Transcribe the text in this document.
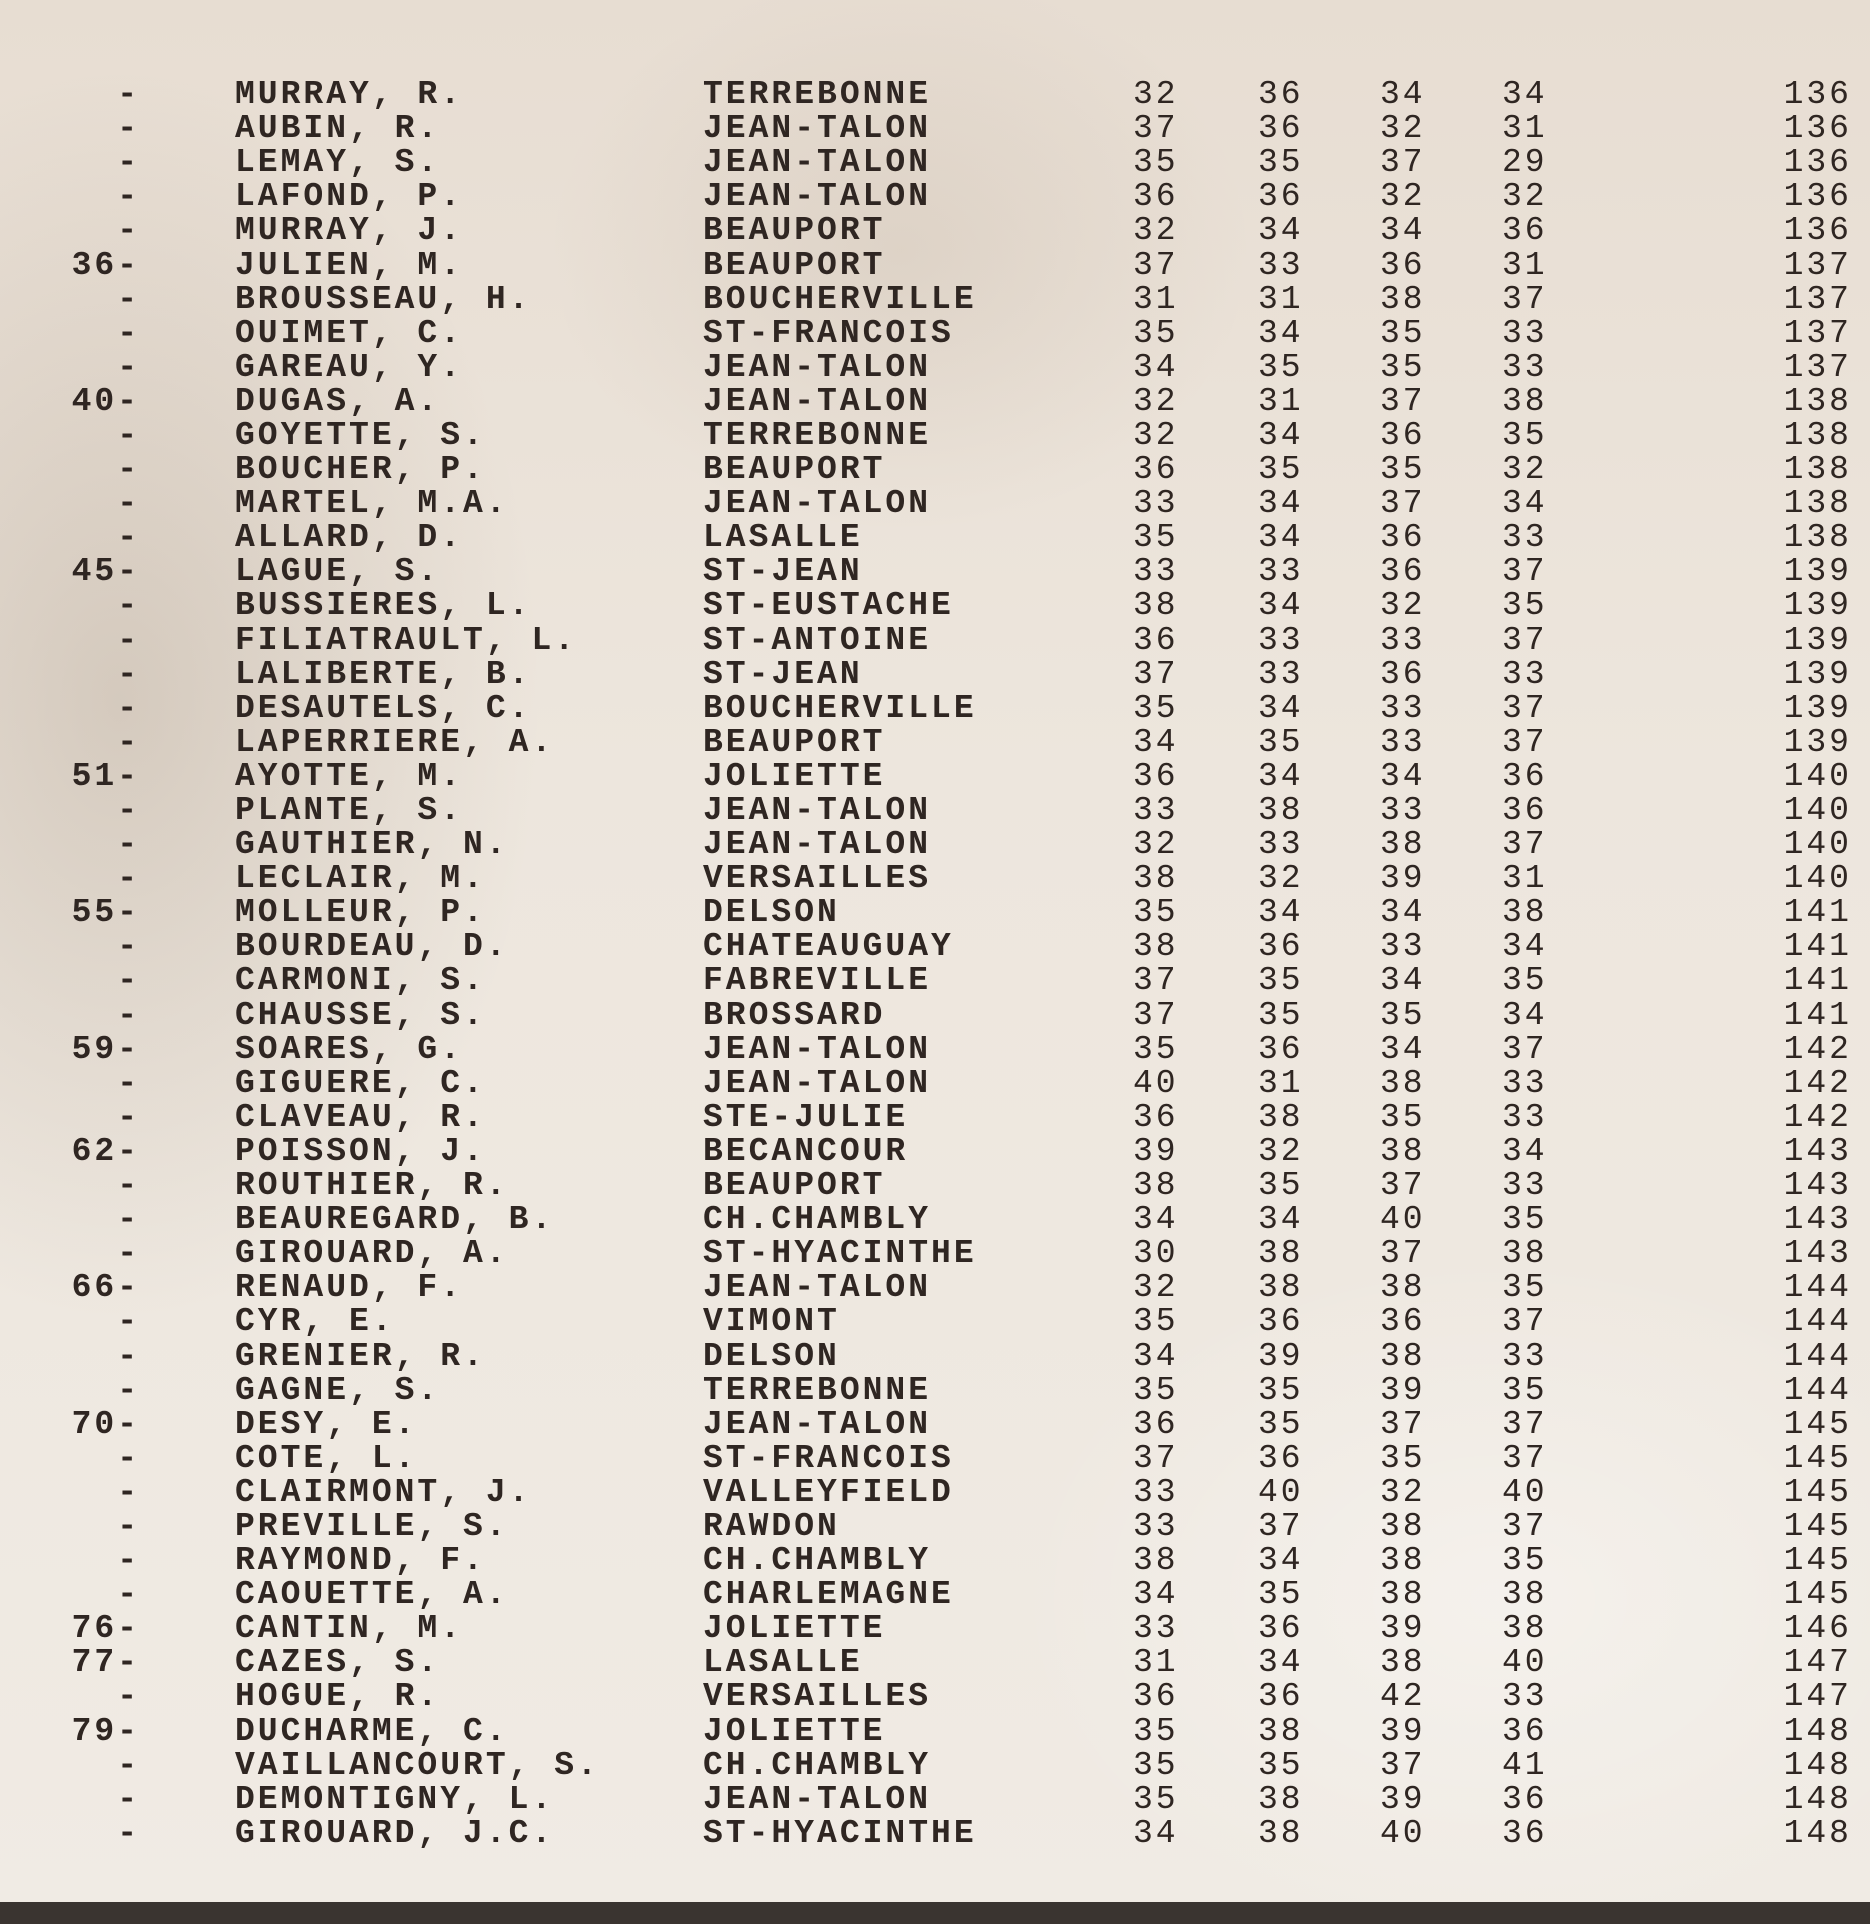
-		MURRAY, R.	TERREBONNE	32	36	34	34	136	
-		AUBIN, R.	JEAN-TALON	37	36	32	31	136	
-		LEMAY, S.	JEAN-TALON	35	35	37	29	136	
-		LAFOND, P.	JEAN-TALON	36	36	32	32	136	
-		MURRAY, J.	BEAUPORT	32	34	34	36	136	
36-		JULIEN, M.	BEAUPORT	37	33	36	31	137	
-		BROUSSEAU, H.	BOUCHERVILLE	31	31	38	37	137	
-		OUIMET, C.	ST-FRANCOIS	35	34	35	33	137	
-		GAREAU, Y.	JEAN-TALON	34	35	35	33	137	
40-		DUGAS, A.	JEAN-TALON	32	31	37	38	138	
-		GOYETTE, S.	TERREBONNE	32	34	36	35	138	
-		BOUCHER, P.	BEAUPORT	36	35	35	32	138	
-		MARTEL, M.A.	JEAN-TALON	33	34	37	34	138	
-		ALLARD, D.	LASALLE	35	34	36	33	138	
45-		LAGUE, S.	ST-JEAN	33	33	36	37	139	
-		BUSSIERES, L.	ST-EUSTACHE	38	34	32	35	139	
-		FILIATRAULT, L.	ST-ANTOINE	36	33	33	37	139	
-		LALIBERTE, B.	ST-JEAN	37	33	36	33	139	
-		DESAUTELS, C.	BOUCHERVILLE	35	34	33	37	139	
-		LAPERRIERE, A.	BEAUPORT	34	35	33	37	139	
51-		AYOTTE, M.	JOLIETTE	36	34	34	36	140	
-		PLANTE, S.	JEAN-TALON	33	38	33	36	140	
-		GAUTHIER, N.	JEAN-TALON	32	33	38	37	140	
-		LECLAIR, M.	VERSAILLES	38	32	39	31	140	
55-		MOLLEUR, P.	DELSON	35	34	34	38	141	
-		BOURDEAU, D.	CHATEAUGUAY	38	36	33	34	141	
-		CARMONI, S.	FABREVILLE	37	35	34	35	141	
-		CHAUSSE, S.	BROSSARD	37	35	35	34	141	
59-		SOARES, G.	JEAN-TALON	35	36	34	37	142	
-		GIGUERE, C.	JEAN-TALON	40	31	38	33	142	
-		CLAVEAU, R.	STE-JULIE	36	38	35	33	142	
62-		POISSON, J.	BECANCOUR	39	32	38	34	143	
-		ROUTHIER, R.	BEAUPORT	38	35	37	33	143	
-		BEAUREGARD, B.	CH.CHAMBLY	34	34	40	35	143	
-		GIROUARD, A.	ST-HYACINTHE	30	38	37	38	143	
66-		RENAUD, F.	JEAN-TALON	32	38	38	35	144	
-		CYR, E.	VIMONT	35	36	36	37	144	
-		GRENIER, R.	DELSON	34	39	38	33	144	
-		GAGNE, S.	TERREBONNE	35	35	39	35	144	
70-		DESY, E.	JEAN-TALON	36	35	37	37	145	
-		COTE, L.	ST-FRANCOIS	37	36	35	37	145	
-		CLAIRMONT, J.	VALLEYFIELD	33	40	32	40	145	
-		PREVILLE, S.	RAWDON	33	37	38	37	145	
-		RAYMOND, F.	CH.CHAMBLY	38	34	38	35	145	
-		CAOUETTE, A.	CHARLEMAGNE	34	35	38	38	145	
76-		CANTIN, M.	JOLIETTE	33	36	39	38	146	
77-		CAZES, S.	LASALLE	31	34	38	40	147	
-		HOGUE, R.	VERSAILLES	36	36	42	33	147	
79-		DUCHARME, C.	JOLIETTE	35	38	39	36	148	
-		VAILLANCOURT, S.	CH.CHAMBLY	35	35	37	41	148	
-		DEMONTIGNY, L.	JEAN-TALON	35	38	39	36	148	
-		GIROUARD, J.C.	ST-HYACINTHE	34	38	40	36	148	
